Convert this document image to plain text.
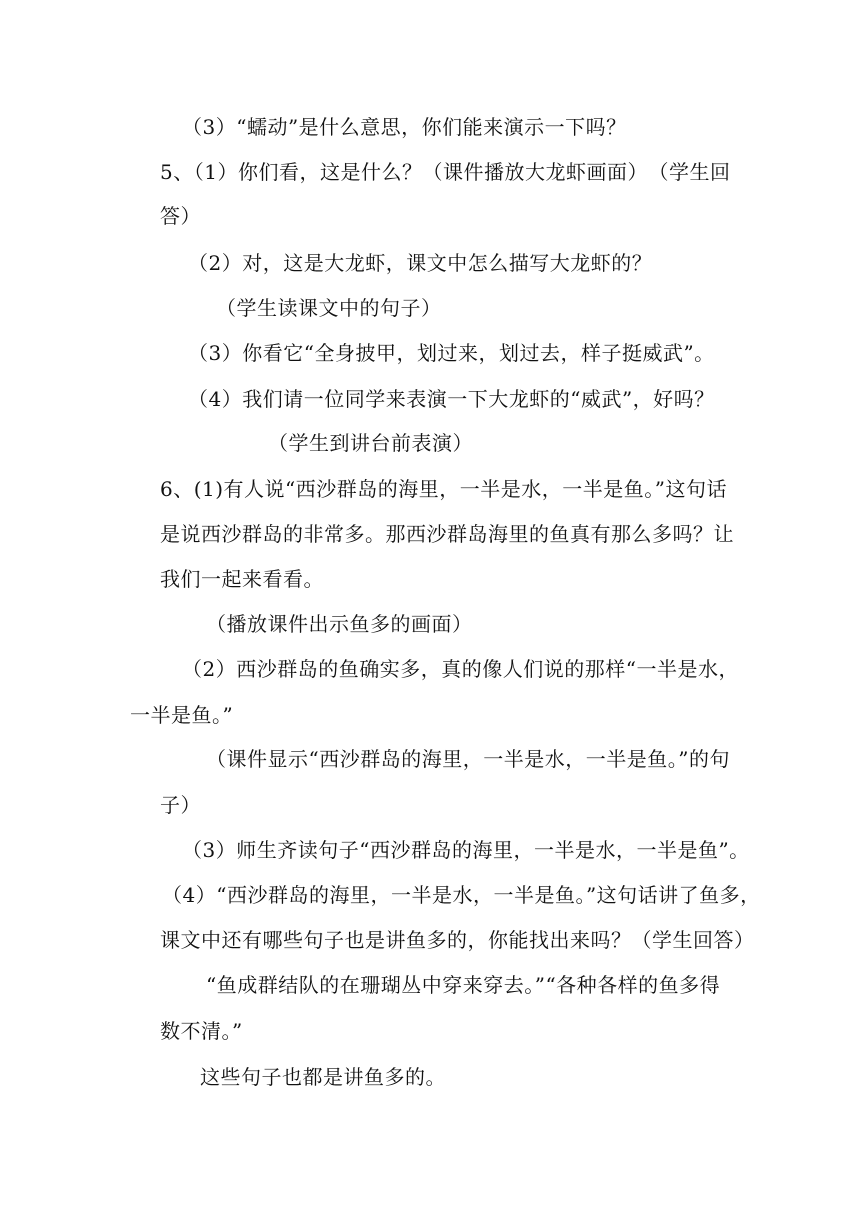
（3）“蠕动”是什么意思，你们能来演示一下吗？
5、（1）你们看，这是什么？（课件播放大龙虾画面）　（学生回
答）
（2）对，这是大龙虾，课文中怎么描写大龙虾的？
（学生读课文中的句子）
（3）你看它“全身披甲，划过来，划过去，样子挺威武”。
（4）我们请一位同学来表演一下大龙虾的“威武”，好吗？
（学生到讲台前表演）
6、(1)有人说“西沙群岛的海里，一半是水，一半是鱼。”这句话
是说西沙群岛的非常多。那西沙群岛海里的鱼真有那么多吗？让
我们一起来看看。
（播放课件出示鱼多的画面）
（2）西沙群岛的鱼确实多，真的像人们说的那样“一半是水，
一半是鱼。”
（课件显示“西沙群岛的海里，一半是水，一半是鱼。”的句
子）
（3）师生齐读句子“西沙群岛的海里，一半是水，一半是鱼”。
（4）“西沙群岛的海里，一半是水，一半是鱼。”这句话讲了鱼多，
课文中还有哪些句子也是讲鱼多的，你能找出来吗？（学生回答）
“鱼成群结队的在珊瑚丛中穿来穿去。”“各种各样的鱼多得
数不清。”
这些句子也都是讲鱼多的。
